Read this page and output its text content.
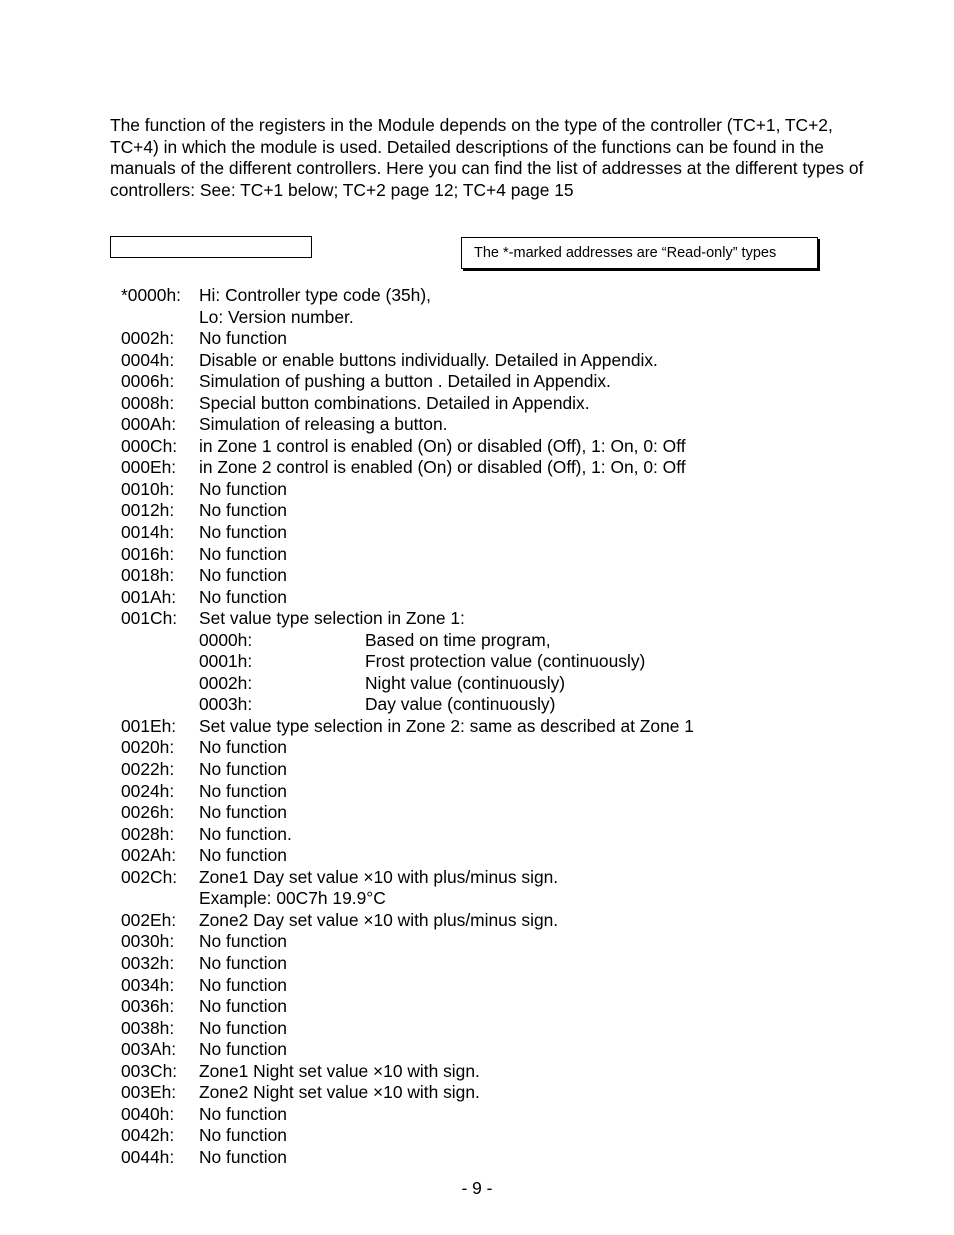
The function of the registers in the Module depends on the type of the controller (TC+1, TC+2, TC+4) in which the module is used. Detailed descriptions of the functions can be found in the manuals of the different controllers. Here you can find the list of addresses at the different types of controllers: See: TC+1 below; TC+2 page 12; TC+4 page 15

The *-marked addresses are “Read-only” types
*0000h: Hi: Controller type code (35h),
Lo: Version number.
0002h: No function
0004h: Disable or enable buttons individually. Detailed in Appendix.
0006h: Simulation of pushing a button . Detailed in Appendix.
0008h: Special button combinations. Detailed in Appendix.
000Ah: Simulation of releasing a button.
000Ch: in Zone 1 control is enabled (On) or disabled (Off), 1: On, 0: Off
000Eh: in Zone 2 control is enabled (On) or disabled (Off), 1: On, 0: Off
0010h: No function
0012h: No function
0014h: No function
0016h: No function
0018h: No function
001Ah: No function
001Ch: Set value type selection in Zone 1:
0000h:	Based on time program,
0001h:	Frost protection value (continuously)
0002h:	Night value (continuously)
0003h:	Day value (continuously)
001Eh: Set value type selection in Zone 2: same as described at Zone 1
0020h: No function
0022h: No function
0024h: No function
0026h: No function
0028h: No function.
002Ah: No function
002Ch: Zone1 Day set value ×10 with plus/minus sign.
Example: 00C7h 19.9°C
002Eh: Zone2 Day set value ×10 with plus/minus sign.
0030h: No function
0032h: No function
0034h: No function
0036h: No function
0038h: No function
003Ah: No function
003Ch: Zone1 Night set value ×10 with sign.
003Eh: Zone2 Night set value ×10 with sign.
0040h: No function
0042h: No function
0044h: No function
- 9 -
